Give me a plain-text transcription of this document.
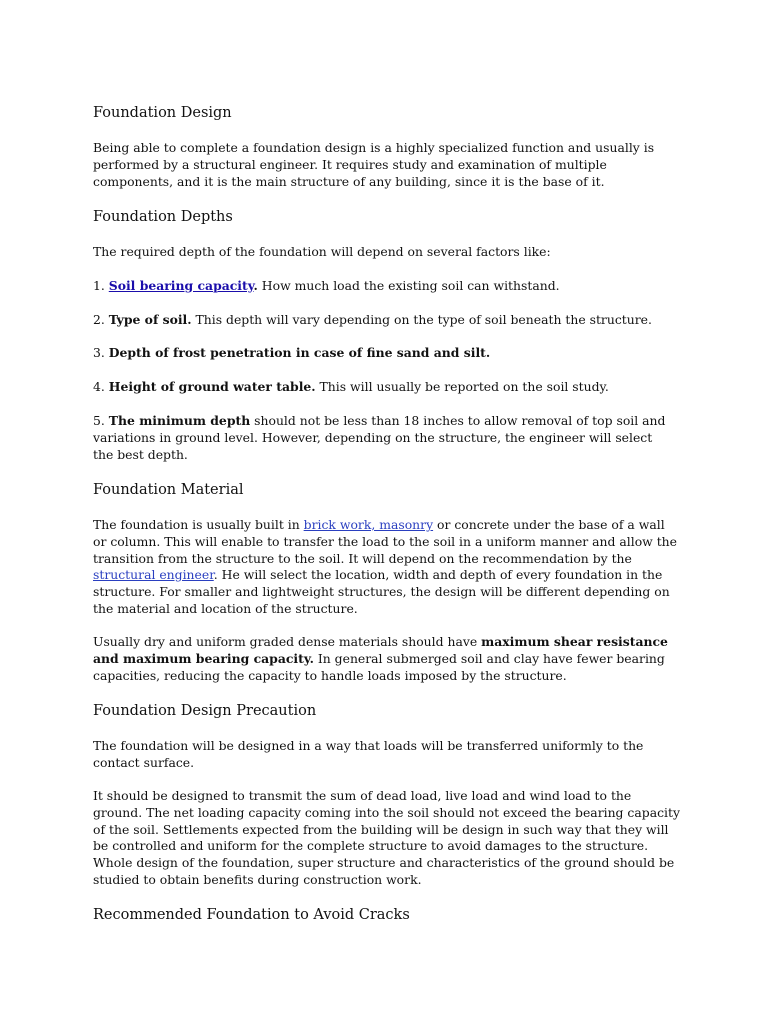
Foundation Design

Being able to complete a foundation design is a highly specialized function and usually is performed by a structural engineer. It requires study and examination of multiple components, and it is the main structure of any building, since it is the base of it.

Foundation Depths

The required depth of the foundation will depend on several factors like:

1. Soil bearing capacity. How much load the existing soil can withstand.

2. Type of soil. This depth will vary depending on the type of soil beneath the structure.

3. Depth of frost penetration in case of fine sand and silt.

4. Height of ground water table. This will usually be reported on the soil study.

5. The minimum depth should not be less than 18 inches to allow removal of top soil and variations in ground level. However, depending on the structure, the engineer will select the best depth.

Foundation Material

The foundation is usually built in brick work, masonry or concrete under the base of a wall or column. This will enable to transfer the load to the soil in a uniform manner and allow the transition from the structure to the soil. It will depend on the recommendation by the structural engineer. He will select the location, width and depth of every foundation in the structure. For smaller and lightweight structures, the design will be different depending on the material and location of the structure.

Usually dry and uniform graded dense materials should have maximum shear resistance and maximum bearing capacity. In general submerged soil and clay have fewer bearing capacities, reducing the capacity to handle loads imposed by the structure.

Foundation Design Precaution

The foundation will be designed in a way that loads will be transferred uniformly to the contact surface.

It should be designed to transmit the sum of dead load, live load and wind load to the ground. The net loading capacity coming into the soil should not exceed the bearing capacity of the soil. Settlements expected from the building will be design in such way that they will be controlled and uniform for the complete structure to avoid damages to the structure. Whole design of the foundation, super structure and characteristics of the ground should be studied to obtain benefits during construction work.

Recommended Foundation to Avoid Cracks
